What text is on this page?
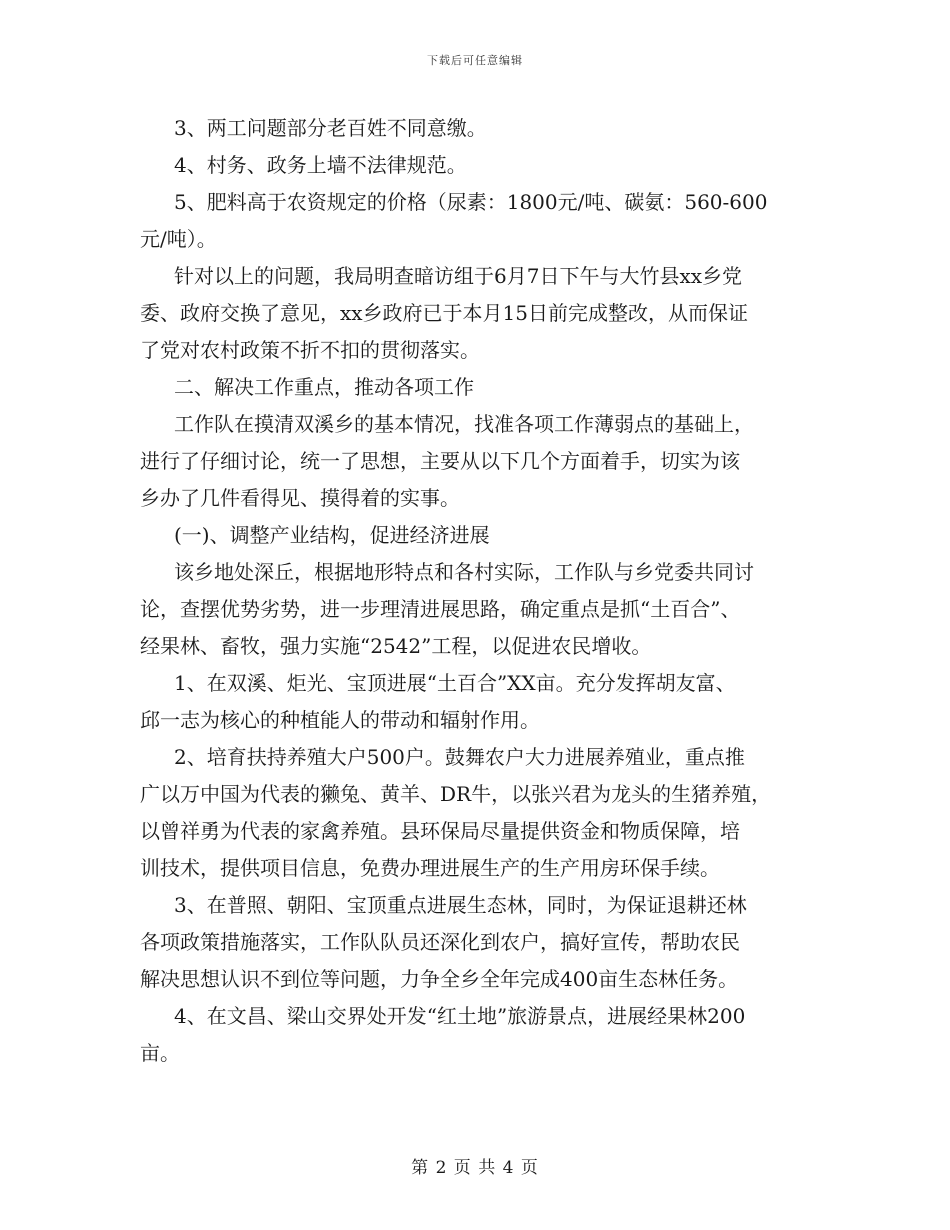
下载后可任意编辑
3、两工问题部分老百姓不同意缴。
4、村务、政务上墙不法律规范。
5、肥料高于农资规定的价格（尿素：1800元/吨、碳氨：560-600
元/吨）。
针对以上的问题，我局明查暗访组于6月7日下午与大竹县xx乡党
委、政府交换了意见，xx乡政府已于本月15日前完成整改，从而保证
了党对农村政策不折不扣的贯彻落实。
二、解决工作重点，推动各项工作
工作队在摸清双溪乡的基本情况，找准各项工作薄弱点的基础上，
进行了仔细讨论，统一了思想，主要从以下几个方面着手，切实为该
乡办了几件看得见、摸得着的实事。
(一)、调整产业结构，促进经济进展
该乡地处深丘，根据地形特点和各村实际，工作队与乡党委共同讨
论，查摆优势劣势，进一步理清进展思路，确定重点是抓“土百合”、
经果林、畜牧，强力实施“2542”工程，以促进农民增收。
1、在双溪、炬光、宝顶进展“土百合”XX亩。充分发挥胡友富、
邱一志为核心的种植能人的带动和辐射作用。
2、培育扶持养殖大户500户。鼓舞农户大力进展养殖业，重点推
广以万中国为代表的獭兔、黄羊、DR牛，以张兴君为龙头的生猪养殖，
以曾祥勇为代表的家禽养殖。县环保局尽量提供资金和物质保障，培
训技术，提供项目信息，免费办理进展生产的生产用房环保手续。
3、在普照、朝阳、宝顶重点进展生态林，同时，为保证退耕还林
各项政策措施落实，工作队队员还深化到农户，搞好宣传，帮助农民
解决思想认识不到位等问题，力争全乡全年完成400亩生态林任务。
4、在文昌、梁山交界处开发“红土地”旅游景点，进展经果林200
亩。
第 2 页 共 4 页
